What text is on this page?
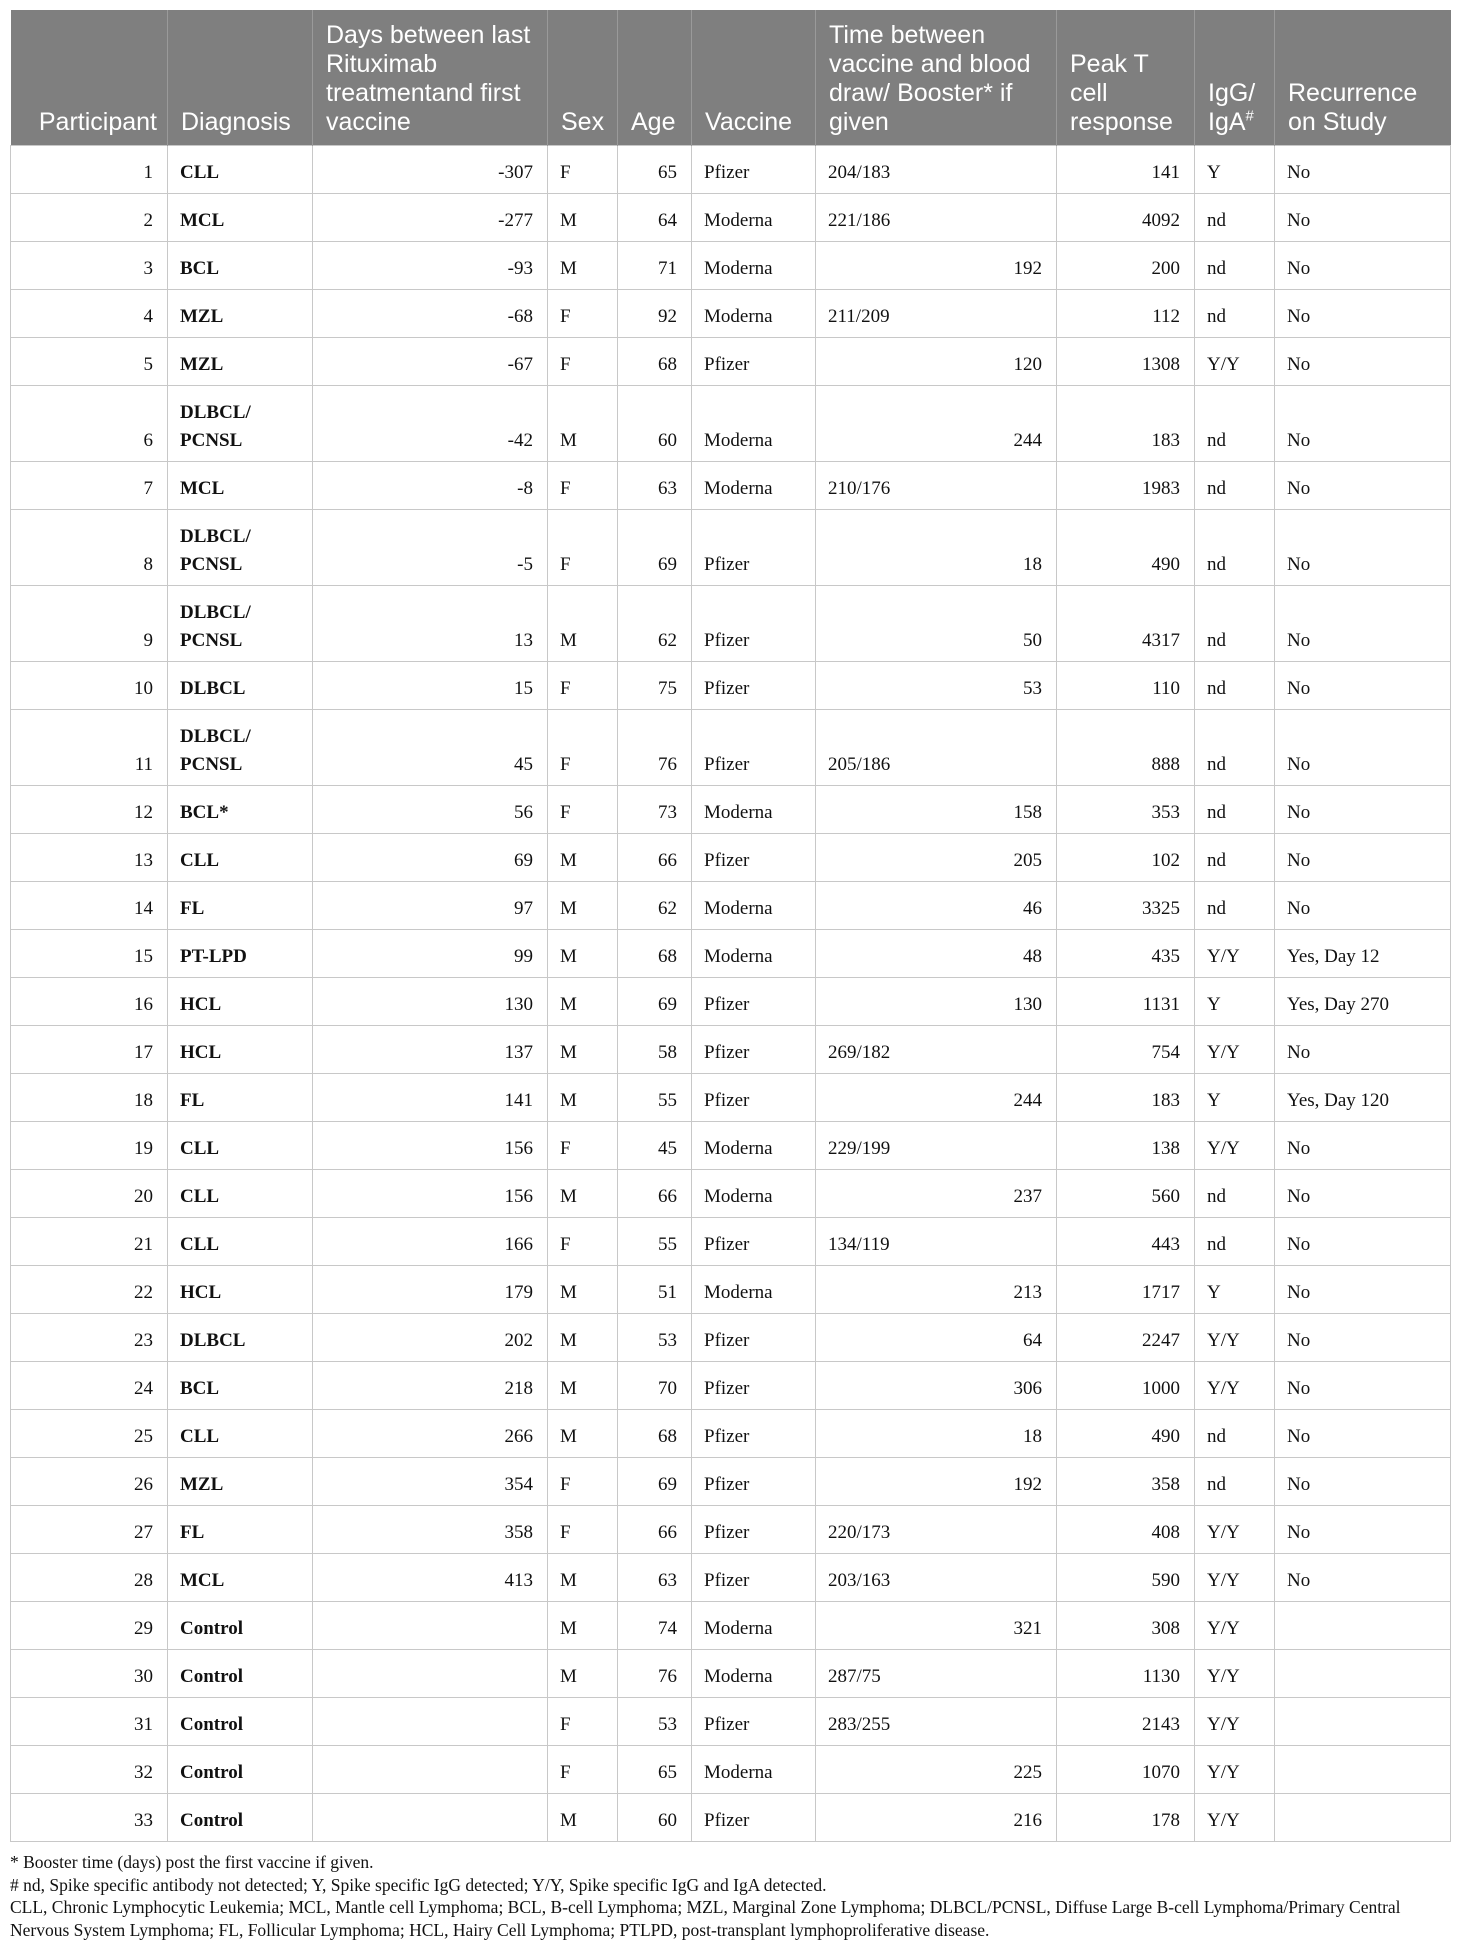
Participant	Diagnosis	Days between last Rituximab treatmentand first vaccine	Sex	Age	Vaccine	Time between vaccine and blood draw/ Booster* if given	Peak T cell response	IgG/ IgA#	Recurrence on Study
1	CLL	-307	F	65	Pfizer	204/183	141	Y	No
2	MCL	-277	M	64	Moderna	221/186	4092	nd	No
3	BCL	-93	M	71	Moderna	192	200	nd	No
4	MZL	-68	F	92	Moderna	211/209	112	nd	No
5	MZL	-67	F	68	Pfizer	120	1308	Y/Y	No
6	DLBCL/ PCNSL	-42	M	60	Moderna	244	183	nd	No
7	MCL	-8	F	63	Moderna	210/176	1983	nd	No
8	DLBCL/ PCNSL	-5	F	69	Pfizer	18	490	nd	No
9	DLBCL/ PCNSL	13	M	62	Pfizer	50	4317	nd	No
10	DLBCL	15	F	75	Pfizer	53	110	nd	No
11	DLBCL/ PCNSL	45	F	76	Pfizer	205/186	888	nd	No
12	BCL*	56	F	73	Moderna	158	353	nd	No
13	CLL	69	M	66	Pfizer	205	102	nd	No
14	FL	97	M	62	Moderna	46	3325	nd	No
15	PT-LPD	99	M	68	Moderna	48	435	Y/Y	Yes, Day 12
16	HCL	130	M	69	Pfizer	130	1131	Y	Yes, Day 270
17	HCL	137	M	58	Pfizer	269/182	754	Y/Y	No
18	FL	141	M	55	Pfizer	244	183	Y	Yes, Day 120
19	CLL	156	F	45	Moderna	229/199	138	Y/Y	No
20	CLL	156	M	66	Moderna	237	560	nd	No
21	CLL	166	F	55	Pfizer	134/119	443	nd	No
22	HCL	179	M	51	Moderna	213	1717	Y	No
23	DLBCL	202	M	53	Pfizer	64	2247	Y/Y	No
24	BCL	218	M	70	Pfizer	306	1000	Y/Y	No
25	CLL	266	M	68	Pfizer	18	490	nd	No
26	MZL	354	F	69	Pfizer	192	358	nd	No
27	FL	358	F	66	Pfizer	220/173	408	Y/Y	No
28	MCL	413	M	63	Pfizer	203/163	590	Y/Y	No
29	Control		M	74	Moderna	321	308	Y/Y	
30	Control		M	76	Moderna	287/75	1130	Y/Y	
31	Control		F	53	Pfizer	283/255	2143	Y/Y	
32	Control		F	65	Moderna	225	1070	Y/Y	
33	Control		M	60	Pfizer	216	178	Y/Y	

* Booster time (days) post the first vaccine if given.

# nd, Spike specific antibody not detected; Y, Spike specific IgG detected; Y/Y, Spike specific IgG and IgA detected.

CLL, Chronic Lymphocytic Leukemia; MCL, Mantle cell Lymphoma; BCL, B-cell Lymphoma; MZL, Marginal Zone Lymphoma; DLBCL/PCNSL, Diffuse Large B-cell Lymphoma/Primary Central Nervous System Lymphoma; FL, Follicular Lymphoma; HCL, Hairy Cell Lymphoma; PTLPD, post-transplant lymphoproliferative disease.
